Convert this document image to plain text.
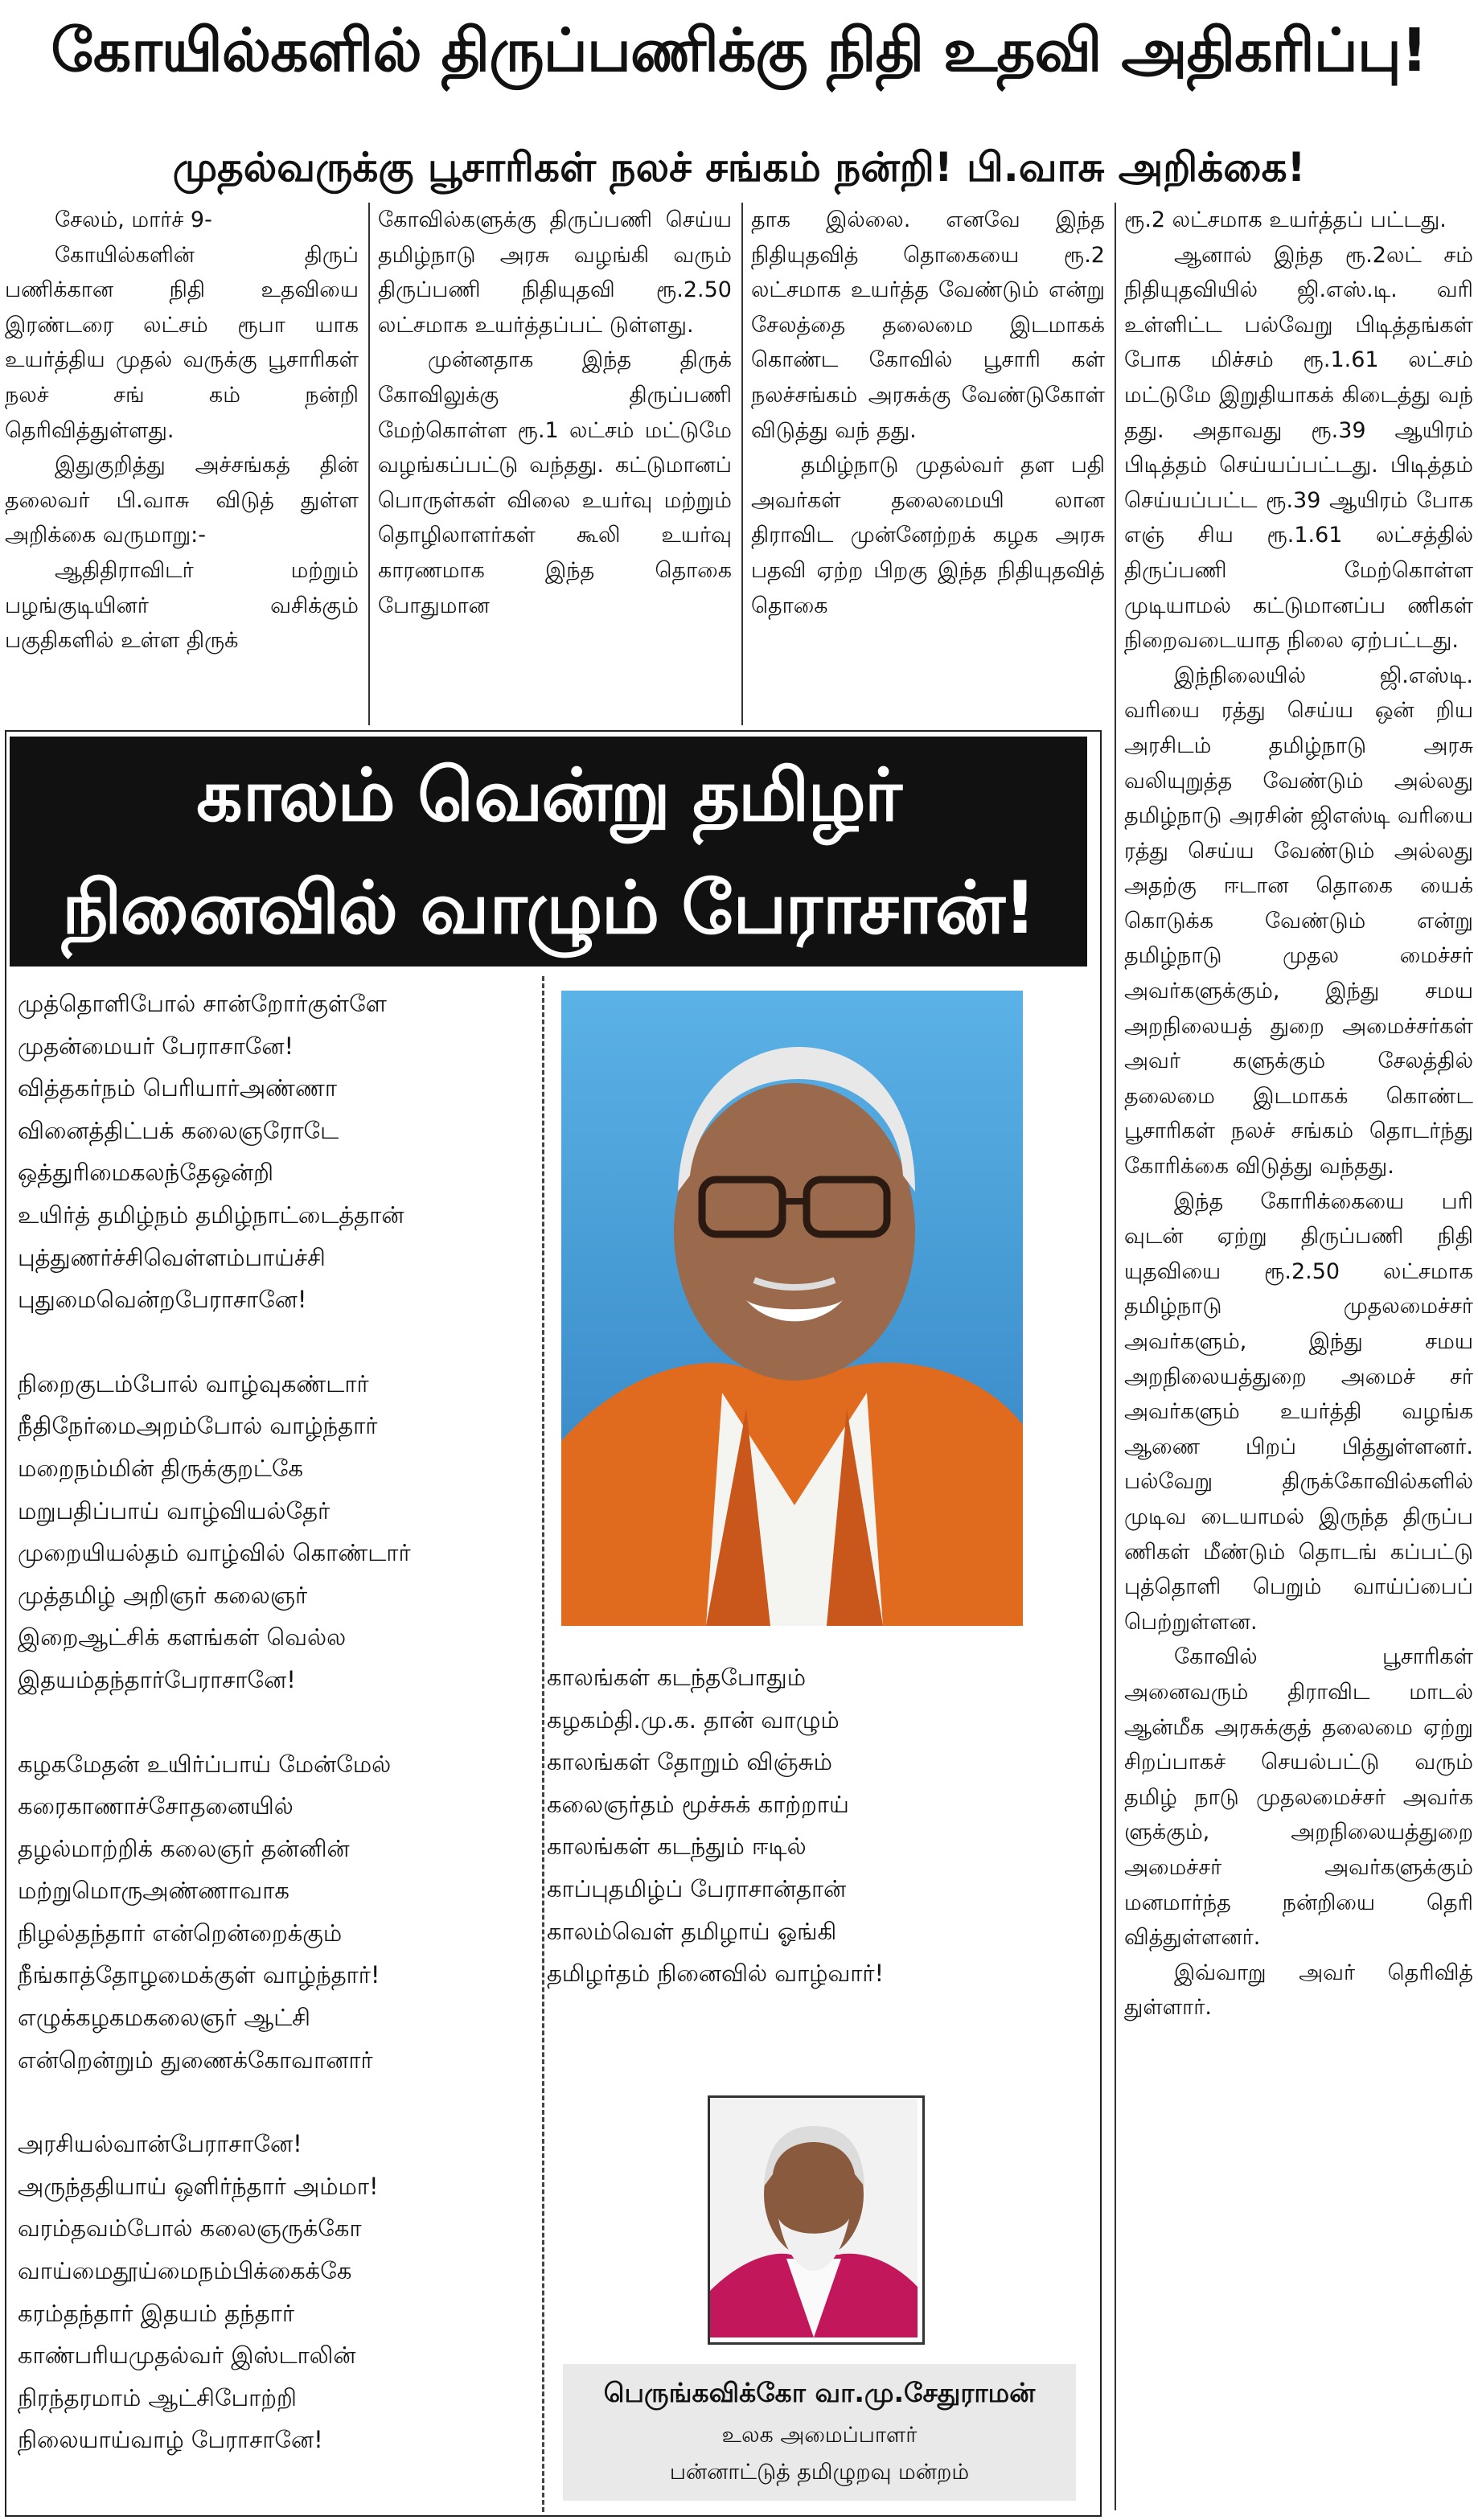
கோயில்களில் திருப்பணிக்கு நிதி உதவி அதிகரிப்பு!
முதல்வருக்கு பூசாரிகள் நலச் சங்கம் நன்றி! பி.வாசு அறிக்கை!

சேலம், மார்ச் 9-

கோயில்களின் திருப் பணிக்கான நிதி உதவியை இரண்டரை லட்சம் ரூபா யாக உயர்த்திய முதல் வருக்கு பூசாரிகள் நலச் சங் கம் நன்றி தெரிவித்துள்ளது.

இதுகுறித்து அச்சங்கத் தின் தலைவர் பி.வாசு விடுத் துள்ள அறிக்கை வருமாறு:-

ஆதிதிராவிடர் மற்றும் பழங்குடியினர் வசிக்கும் பகுதிகளில் உள்ள திருக்

கோவில்களுக்கு திருப்பணி செய்ய தமிழ்நாடு அரசு வழங்கி வரும் திருப்பணி நிதியுதவி ரூ.2.50 லட்சமாக உயர்த்தப்பட் டுள்ளது.

முன்னதாக இந்த திருக் கோவிலுக்கு திருப்பணி மேற்கொள்ள ரூ.1 லட்சம் மட்டுமே வழங்கப்பட்டு வந்தது. கட்டுமானப் பொருள்கள் விலை உயர்வு மற்றும் தொழிலாளர்கள் கூலி உயர்வு காரணமாக இந்த தொகை போதுமான

தாக இல்லை. எனவே இந்த நிதியுதவித் தொகையை ரூ.2 லட்சமாக உயர்த்த வேண்டும் என்று சேலத்தை தலைமை இடமாகக் கொண்ட கோவில் பூசாரி கள் நலச்சங்கம் அரசுக்கு வேண்டுகோள் விடுத்து வந் தது.

தமிழ்நாடு முதல்வர் தள பதி அவர்கள் தலைமையி லான திராவிட முன்னேற்றக் கழக அரசு பதவி ஏற்ற பிறகு இந்த நிதியுதவித் தொகை

ரூ.2 லட்சமாக உயர்த்தப் பட்டது.

ஆனால் இந்த ரூ.2லட் சம் நிதியுதவியில் ஜி.எஸ்.டி. வரி உள்ளிட்ட பல்வேறு பிடித்தங்கள் போக மிச்சம் ரூ.1.61 லட்சம் மட்டுமே இறுதியாகக் கிடைத்து வந் தது. அதாவது ரூ.39 ஆயிரம் பிடித்தம் செய்யப்பட்டது. பிடித்தம் செய்யப்பட்ட ரூ.39 ஆயிரம் போக எஞ் சிய ரூ.1.61 லட்சத்தில் திருப்பணி மேற்கொள்ள முடியாமல் கட்டுமானப்ப ணிகள் நிறைவடையாத நிலை ஏற்பட்டது.

இந்நிலையில் ஜி.எஸ்டி. வரியை ரத்து செய்ய ஒன் றிய அரசிடம் தமிழ்நாடு அரசு வலியுறுத்த வேண்டும் அல்லது தமிழ்நாடு அரசின் ஜிஎஸ்டி வரியை ரத்து செய்ய வேண்டும் அல்லது அதற்கு ஈடான தொகை யைக் கொடுக்க வேண்டும் என்று தமிழ்நாடு முதல மைச்சர் அவர்களுக்கும், இந்து சமய அறநிலையத் துறை அமைச்சர்கள் அவர் களுக்கும் சேலத்தில் தலைமை இடமாகக் கொண்ட பூசாரிகள் நலச் சங்கம் தொடர்ந்து கோரிக்கை விடுத்து வந்தது.

இந்த கோரிக்கையை பரி வுடன் ஏற்று திருப்பணி நிதி யுதவியை ரூ.2.50 லட்சமாக தமிழ்நாடு முதலமைச்சர் அவர்களும், இந்து சமய அறநிலையத்துறை அமைச் சர் அவர்களும் உயர்த்தி வழங்க ஆணை பிறப் பித்துள்ளனர். பல்வேறு திருக்கோவில்களில் முடிவ டையாமல் இருந்த திருப்ப ணிகள் மீண்டும் தொடங் கப்பட்டு புத்தொளி பெறும் வாய்ப்பைப் பெற்றுள்ளன.

கோவில் பூசாரிகள் அனைவரும் திராவிட மாடல் ஆன்மீக அரசுக்குத் தலைமை ஏற்று சிறப்பாகச் செயல்பட்டு வரும் தமிழ் நாடு முதலமைச்சர் அவர்க ளுக்கும், அறநிலையத்துறை அமைச்சர் அவர்களுக்கும் மனமார்ந்த நன்றியை தெரி வித்துள்ளனர்.

இவ்வாறு அவர் தெரிவித் துள்ளார்.

காலம் வென்று தமிழர்
நினைவில் வாழும் பேராசான்!
முத்தொளிபோல் சான்றோர்குள்ளே
முதன்மையர் பேராசானே!
வித்தகர்நம் பெரியார்அண்ணா
வினைத்திட்பக் கலைஞரோடே
ஒத்துரிமைகலந்தேஒன்றி
உயிர்த் தமிழ்நம் தமிழ்நாட்டைத்தான்
புத்துணர்ச்சிவெள்ளம்பாய்ச்சி
புதுமைவென்றபேராசானே!
நிறைகுடம்போல் வாழ்வுகண்டார்
நீதிநேர்மைஅறம்போல் வாழ்ந்தார்
மறைநம்மின் திருக்குறட்கே
மறுபதிப்பாய் வாழ்வியல்தேர்
முறையியல்தம் வாழ்வில் கொண்டார்
முத்தமிழ் அறிஞர் கலைஞர்
இறைஆட்சிக் களங்கள் வெல்ல
இதயம்தந்தார்பேராசானே!
கழகமேதன் உயிர்ப்பாய் மேன்மேல்
கரைகாணாச்சோதனையில்
தழல்மாற்றிக் கலைஞர் தன்னின்
மற்றுமொருஅண்ணாவாக
நிழல்தந்தார் என்றென்றைக்கும்
நீங்காத்தோழமைக்குள் வாழ்ந்தார்!
எழுக்கழகமகலைஞர் ஆட்சி
என்றென்றும் துணைக்கோவானார்
அரசியல்வான்பேராசானே!
அருந்ததியாய் ஒளிர்ந்தார் அம்மா!
வரம்தவம்போல் கலைஞருக்கோ
வாய்மைதூய்மைநம்பிக்கைக்கே
கரம்தந்தார் இதயம் தந்தார்
காண்பரியமுதல்வர் இஸ்டாலின்
நிரந்தரமாம் ஆட்சிபோற்றி
நிலையாய்வாழ் பேராசானே!
காலங்கள் கடந்தபோதும்
கழகம்தி.மு.க. தான் வாழும்
காலங்கள் தோறும் விஞ்சும்
கலைஞர்தம் மூச்சுக் காற்றாய்
காலங்கள் கடந்தும் ஈடில்
காப்புதமிழ்ப் பேராசான்தான்
காலம்வெள் தமிழாய் ஓங்கி
தமிழர்தம் நினைவில் வாழ்வார்!
பெருங்கவிக்கோ வா.மு.சேதுராமன்
உலக அமைப்பாளர்
பன்னாட்டுத் தமிழுறவு மன்றம்
